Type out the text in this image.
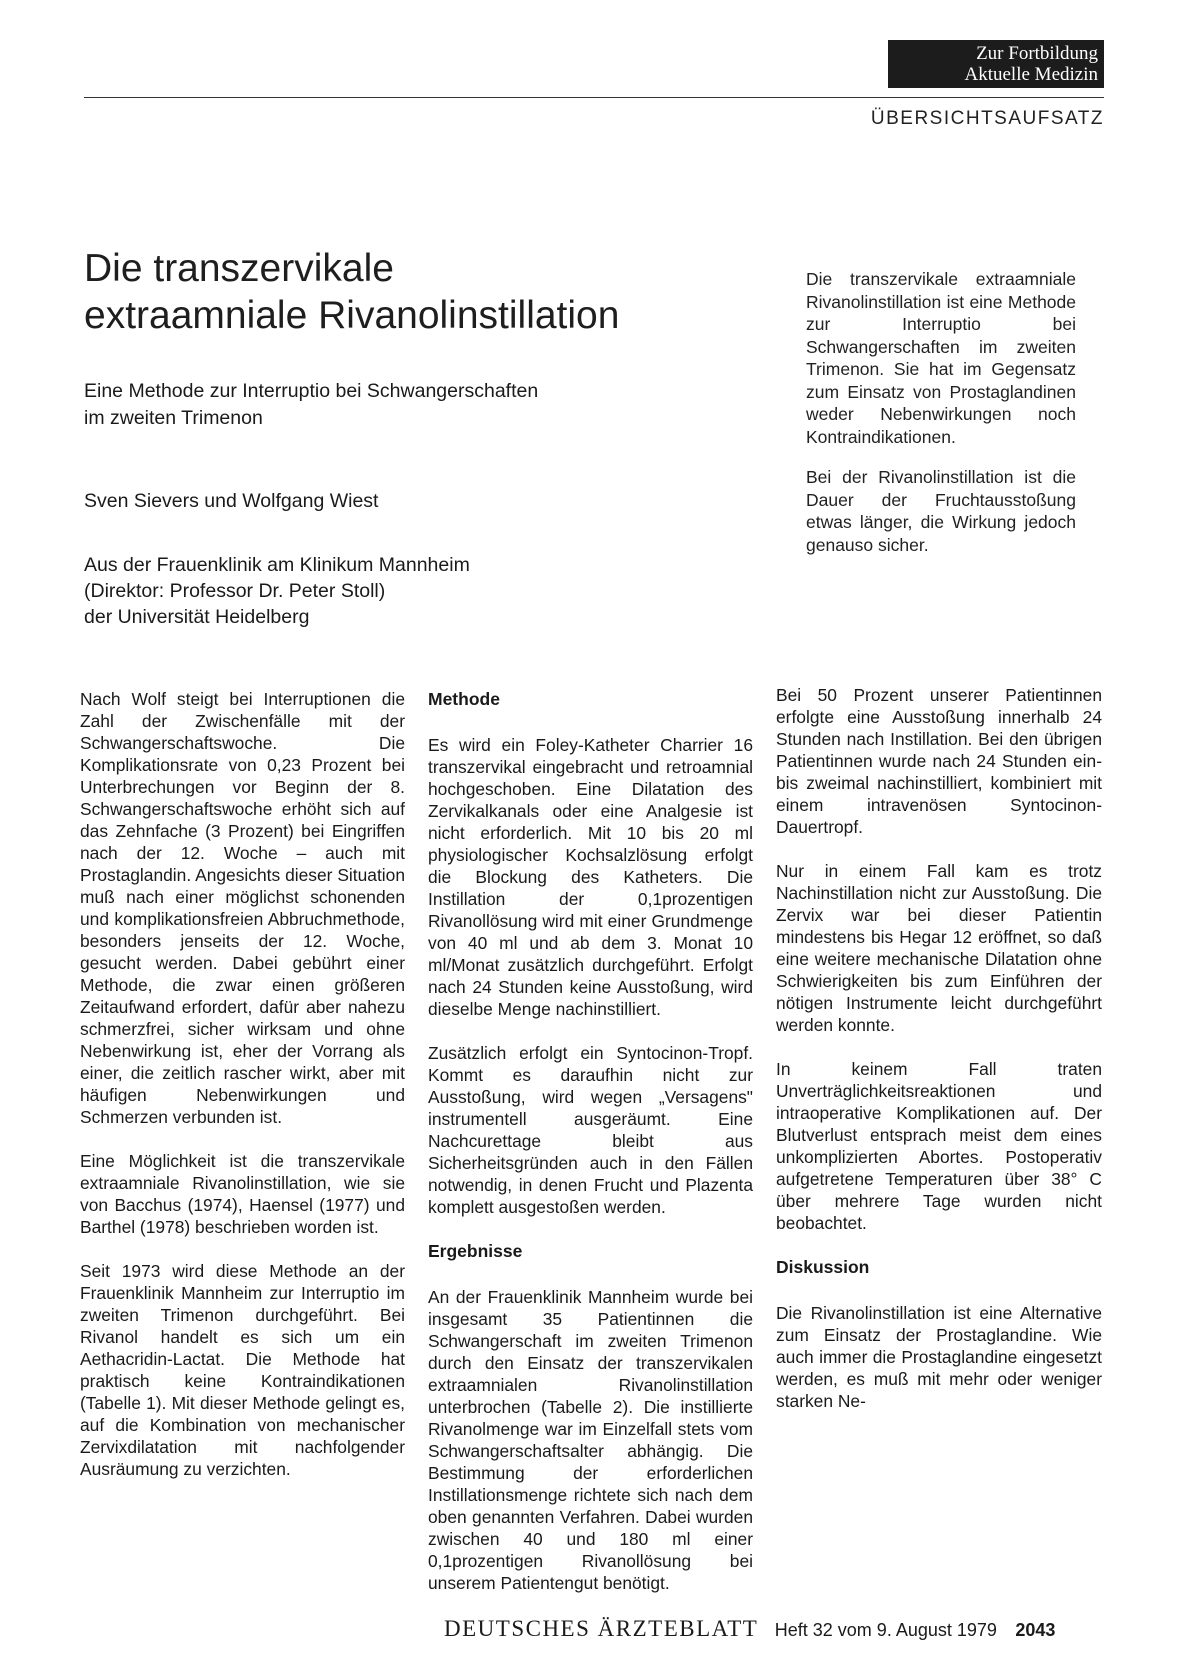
Zur Fortbildung
Aktuelle Medizin
ÜBERSICHTSAUFSATZ
Die transzervikale
extraamniale Rivanolinstillation
Eine Methode zur Interruptio bei Schwangerschaften
im zweiten Trimenon
Sven Sievers und Wolfgang Wiest
Aus der Frauenklinik am Klinikum Mannheim
(Direktor: Professor Dr. Peter Stoll)
der Universität Heidelberg

Die transzervikale extraamniale Rivanolinstillation ist eine Methode zur Interruptio bei Schwangerschaften im zweiten Trimenon. Sie hat im Gegensatz zum Einsatz von Prostaglandinen weder Nebenwirkungen noch Kontraindikationen.

Bei der Rivanolinstillation ist die Dauer der Fruchtausstoßung etwas länger, die Wirkung jedoch genauso sicher.

Nach Wolf steigt bei Interruptionen die Zahl der Zwischenfälle mit der Schwangerschaftswoche. Die Komplikationsrate von 0,23 Prozent bei Unterbrechungen vor Beginn der 8. Schwangerschaftswoche erhöht sich auf das Zehnfache (3 Prozent) bei Eingriffen nach der 12. Woche – auch mit Prostaglandin. Angesichts dieser Situation muß nach einer möglichst schonenden und komplikationsfreien Abbruchmethode, besonders jenseits der 12. Woche, gesucht werden. Dabei gebührt einer Methode, die zwar einen größeren Zeitaufwand erfordert, dafür aber nahezu schmerzfrei, sicher wirksam und ohne Nebenwirkung ist, eher der Vorrang als einer, die zeitlich rascher wirkt, aber mit häufigen Nebenwirkungen und Schmerzen verbunden ist.

Eine Möglichkeit ist die transzervikale extraamniale Rivanolinstillation, wie sie von Bacchus (1974), Haensel (1977) und Barthel (1978) beschrieben worden ist.

Seit 1973 wird diese Methode an der Frauenklinik Mannheim zur Interruptio im zweiten Trimenon durchgeführt. Bei Rivanol handelt es sich um ein Aethacridin-Lactat. Die Methode hat praktisch keine Kontraindikationen (Tabelle 1). Mit dieser Methode gelingt es, auf die Kombination von mechanischer Zervixdilatation mit nachfolgender Ausräumung zu verzichten.

Methode

Es wird ein Foley-Katheter Charrier 16 transzervikal eingebracht und retroamnial hochgeschoben. Eine Dilatation des Zervikalkanals oder eine Analgesie ist nicht erforderlich. Mit 10 bis 20 ml physiologischer Kochsalzlösung erfolgt die Blockung des Katheters. Die Instillation der 0,1prozentigen Rivanollösung wird mit einer Grundmenge von 40 ml und ab dem 3. Monat 10 ml/Monat zusätzlich durchgeführt. Erfolgt nach 24 Stunden keine Ausstoßung, wird dieselbe Menge nachinstilliert.

Zusätzlich erfolgt ein Syntocinon-Tropf. Kommt es daraufhin nicht zur Ausstoßung, wird wegen „Versagens" instrumentell ausgeräumt. Eine Nachcurettage bleibt aus Sicherheitsgründen auch in den Fällen notwendig, in denen Frucht und Plazenta komplett ausgestoßen werden.

Ergebnisse

An der Frauenklinik Mannheim wurde bei insgesamt 35 Patientinnen die Schwangerschaft im zweiten Trimenon durch den Einsatz der transzervikalen extraamnialen Rivanolinstillation unterbrochen (Tabelle 2). Die instillierte Rivanolmenge war im Einzelfall stets vom Schwangerschaftsalter abhängig. Die Bestimmung der erforderlichen Instillationsmenge richtete sich nach dem oben genannten Verfahren. Dabei wurden zwischen 40 und 180 ml einer 0,1prozentigen Rivanollösung bei unserem Patientengut benötigt.

Bei 50 Prozent unserer Patientinnen erfolgte eine Ausstoßung innerhalb 24 Stunden nach Instillation. Bei den übrigen Patientinnen wurde nach 24 Stunden ein- bis zweimal nachinstilliert, kombiniert mit einem intravenösen Syntocinon-Dauertropf.

Nur in einem Fall kam es trotz Nachinstillation nicht zur Ausstoßung. Die Zervix war bei dieser Patientin mindestens bis Hegar 12 eröffnet, so daß eine weitere mechanische Dilatation ohne Schwierigkeiten bis zum Einführen der nötigen Instrumente leicht durchgeführt werden konnte.

In keinem Fall traten Unverträglichkeitsreaktionen und intraoperative Komplikationen auf. Der Blutverlust entsprach meist dem eines unkomplizierten Abortes. Postoperativ aufgetretene Temperaturen über 38° C über mehrere Tage wurden nicht beobachtet.

Diskussion

Die Rivanolinstillation ist eine Alternative zum Einsatz der Prostaglandine. Wie auch immer die Prostaglandine eingesetzt werden, es muß mit mehr oder weniger starken Ne-

DEUTSCHES ÄRZTEBLATT Heft 32 vom 9. August 1979 2043
